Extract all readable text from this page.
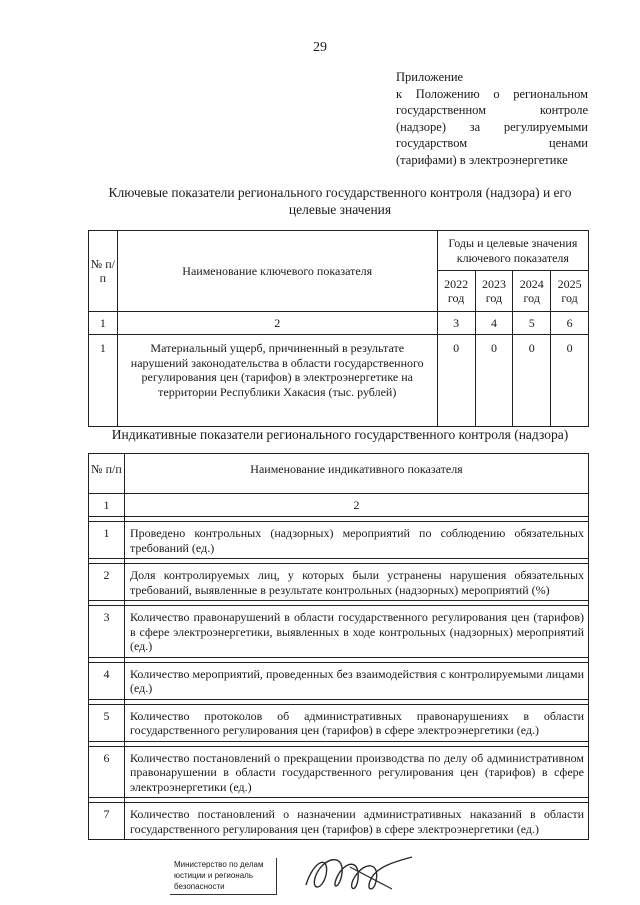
29
Приложение
к Положению о региональном
государственном контроле
(надзоре) за регулируемыми
государством ценами
(тарифами) в электроэнергетике
Ключевые показатели регионального государственного контроля (надзора) и его
целевые значения
№ п/п	Наименование ключевого показателя	Годы и целевые значения ключевого показателя			
		2022 год	2023 год	2024 год	2025 год
1	2	3	4	5	6
1	Материальный ущерб, причиненный в результате нарушений законодательства в области государственного регулирования цен (тарифов) в электроэнергетике на территории Республики Хакасия (тыс. рублей)	0	0	0	0
Индикативные показатели регионального государственного контроля (надзора)
№ п/п	Наименование индикативного показателя
1	2

1	Проведено контрольных (надзорных) мероприятий по соблюдению обязательных требований (ед.)

2	Доля контролируемых лиц, у которых были устранены нарушения обязательных требований, выявленные в результате контрольных (надзорных) мероприятий (%)

3	Количество правонарушений в области государственного регулирования цен (тарифов) в сфере электроэнергетики, выявленных в ходе контрольных (надзорных) мероприятий (ед.)

4	Количество мероприятий, проведенных без взаимодействия с контролируемыми лицами (ед.)

5	Количество протоколов об административных правонарушениях в области государственного регулирования цен (тарифов) в сфере электроэнергетики (ед.)

6	Количество постановлений о прекращении производства по делу об административном правонарушении в области государственного регулирования цен (тарифов) в сфере электроэнергетики (ед.)

7	Количество постановлений о назначении административных наказаний в области государственного регулирования цен (тарифов) в сфере электроэнергетики (ед.)
Министерство по делам
юстиции и региональ
безопасности
